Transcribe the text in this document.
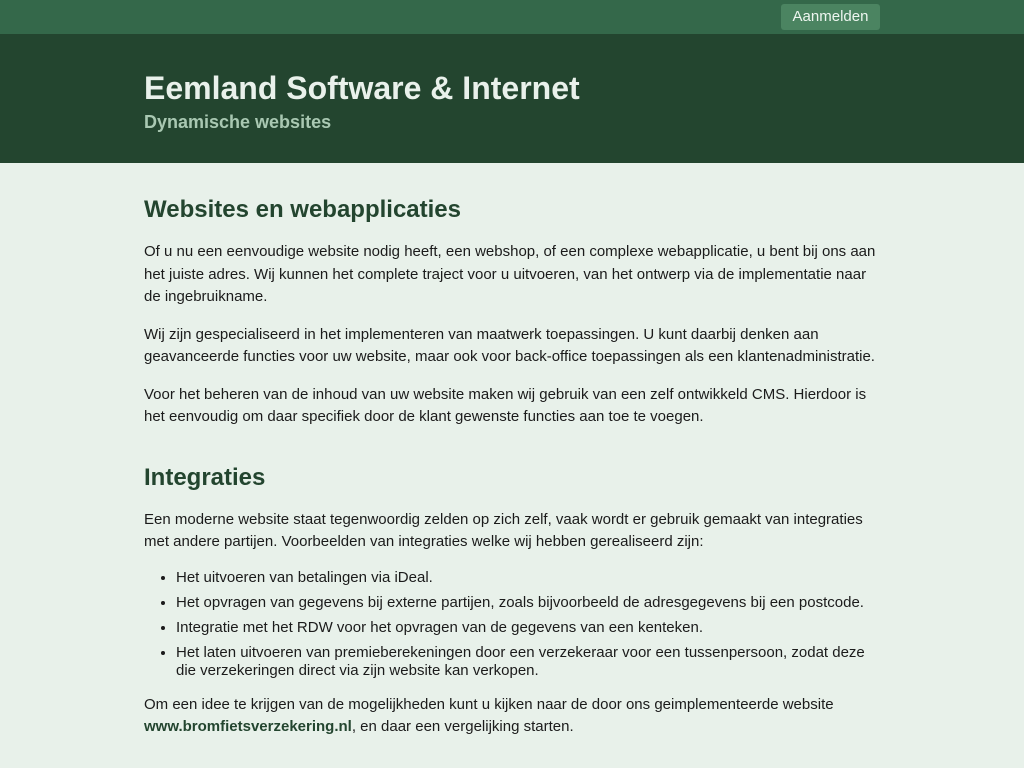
Aanmelden
Eemland Software & Internet
Dynamische websites
Websites en webapplicaties

Of u nu een eenvoudige website nodig heeft, een webshop, of een complexe webapplicatie, u bent bij ons aan het juiste adres. Wij kunnen het complete traject voor u uitvoeren, van het ontwerp via de implementatie naar de ingebruikname.

Wij zijn gespecialiseerd in het implementeren van maatwerk toepassingen. U kunt daarbij denken aan geavanceerde functies voor uw website, maar ook voor back-office toepassingen als een klantenadministratie.

Voor het beheren van de inhoud van uw website maken wij gebruik van een zelf ontwikkeld CMS. Hierdoor is het eenvoudig om daar specifiek door de klant gewenste functies aan toe te voegen.

Integraties

Een moderne website staat tegenwoordig zelden op zich zelf, vaak wordt er gebruik gemaakt van integraties met andere partijen. Voorbeelden van integraties welke wij hebben gerealiseerd zijn:

• Het uitvoeren van betalingen via iDeal.
• Het opvragen van gegevens bij externe partijen, zoals bijvoorbeeld de adresgegevens bij een postcode.
• Integratie met het RDW voor het opvragen van de gegevens van een kenteken.
• Het laten uitvoeren van premieberekeningen door een verzekeraar voor een tussenpersoon, zodat deze die verzekeringen direct via zijn website kan verkopen.

Om een idee te krijgen van de mogelijkheden kunt u kijken naar de door ons geimplementeerde website www.bromfietsverzekering.nl, en daar een vergelijking starten.
